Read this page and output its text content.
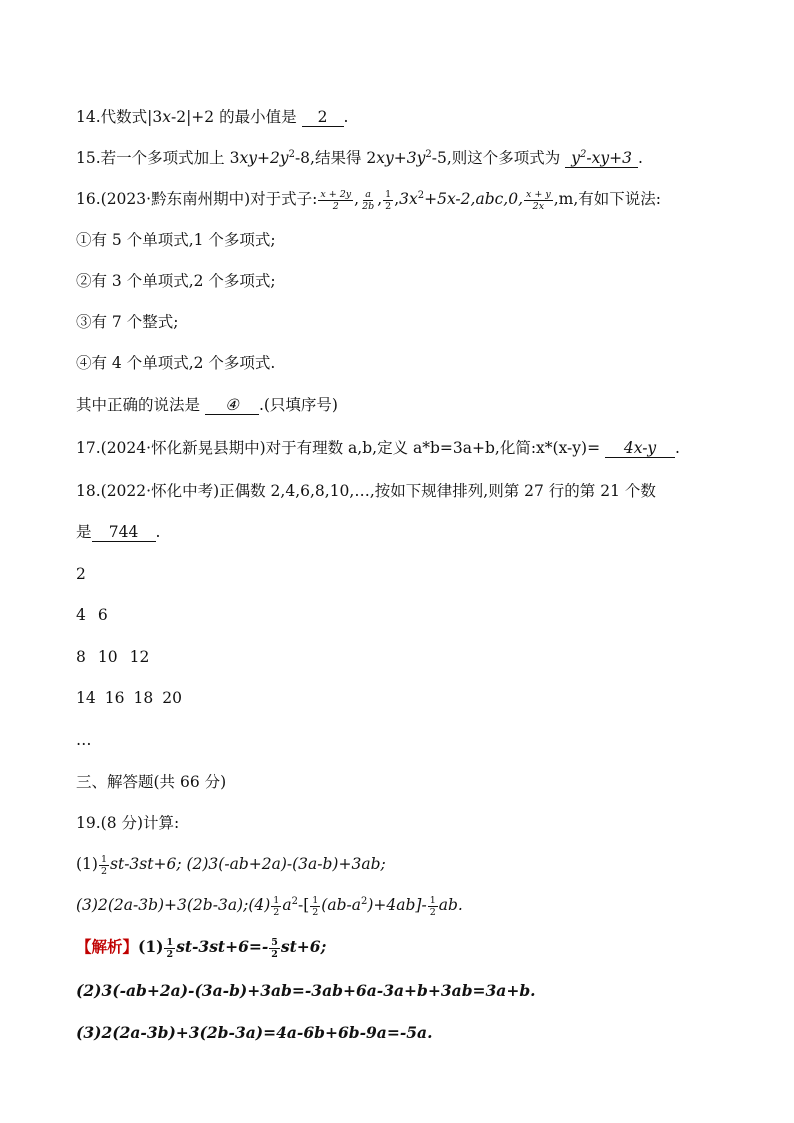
14.代数式|3x-2|+2 的最小值是 2 .
15.若一个多项式加上 $3xy+2y^2-8$,结果得 $2xy+3y^2-5$,则这个多项式为 $y^2-xy+3$ .
16.(2023·黔东南州期中)对于式子: $\frac{x + 2y}{2}$ , $\frac{a}{2b}$ , $\frac{1}{2} ,3x^2+5x-2,abc,0$, $\frac{x + y}{2x} ,m$,有如下说法:
①有 5 个单项式,1 个多项式;
②有 3 个单项式,2 个多项式;
③有 7 个整式;
④有 4 个单项式,2 个多项式.
其中正确的说法是 ④ .(只填序号)
17.(2024·怀化新晃县期中)对于有理数 a,b,定义 a*b=3a+b,化简:x*(x-y)= 4x-y .
18.(2022·怀化中考)正偶数 2,4,6,8,10,…,按如下规律排列,则第 27 行的第 21 个数
是 744 .
2
4 6
8 10 12
14 16 18 20
…
三、解答题(共 66 分)
19.(8 分)计算:
$(1) \frac{1}{2} st-3st+6$; (2)3(-ab+2a)-(3a-b)+3ab;
(3)2(2a-3b)+3(2b-3a);(4) $\frac{1}{2} a^2-[ \frac{1}{2} (ab-a^2)+4ab]- \frac{1}{2}$ ab.
【解析】$(1) \frac{1}{2} st-3st+6=- \frac{5}{2} st+6$;
(2)3(-ab+2a)-(3a-b)+3ab=-3ab+6a-3a+b+3ab=3a+b.
(3)2(2a-3b)+3(2b-3a)=4a-6b+6b-9a=-5a.
